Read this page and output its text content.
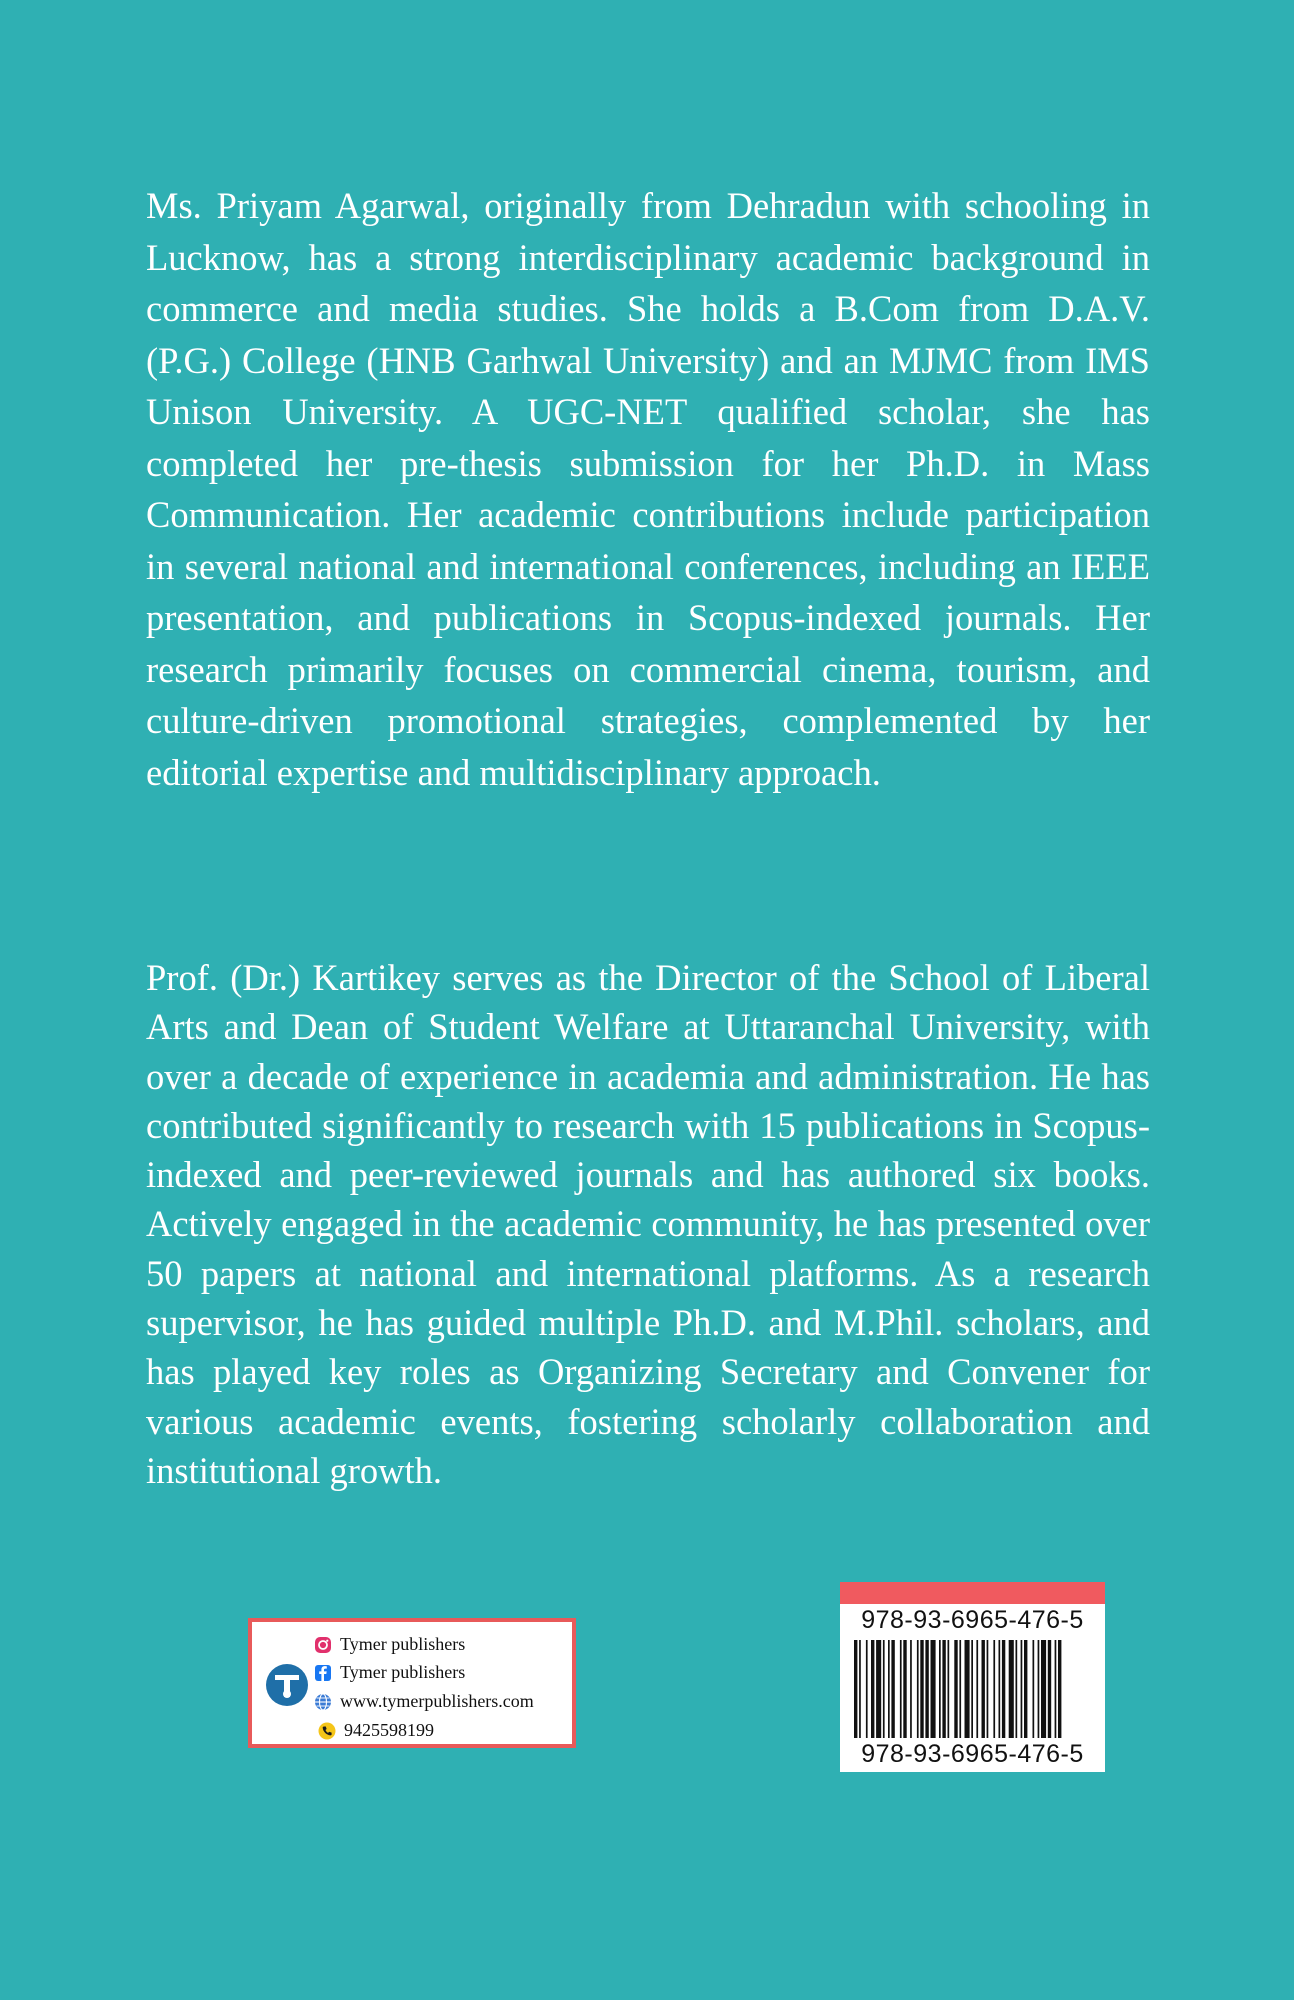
Ms. Priyam Agarwal, originally from Dehradun with schooling in Lucknow, has a strong interdisciplinary academic background in commerce and media studies. She holds a B.Com from D.A.V. (P.G.) College (HNB Garhwal University) and an MJMC from IMS Unison University. A UGC-NET qualified scholar, she has completed her pre-thesis submission for her Ph.D. in Mass Communication. Her academic contributions include participation in several national and international conferences, including an IEEE presentation, and publications in Scopus-indexed journals. Her research primarily focuses on commercial cinema, tourism, and culture-driven promotional strategies, complemented by her editorial expertise and multidisciplinary approach.

Prof. (Dr.) Kartikey serves as the Director of the School of Liberal Arts and Dean of Student Welfare at Uttaranchal University, with over a decade of experience in academia and administration. He has contributed significantly to research with 15 publications in Scopus-indexed and peer-reviewed journals and has authored six books. Actively engaged in the academic community, he has presented over 50 papers at national and international platforms. As a research supervisor, he has guided multiple Ph.D. and M.Phil. scholars, and has played key roles as Organizing Secretary and Convener for various academic events, fostering scholarly collaboration and institutional growth.

Tymer publishers
Tymer publishers
www.tymerpublishers.com
9425598199
978-93-6965-476-5
978-93-6965-476-5
